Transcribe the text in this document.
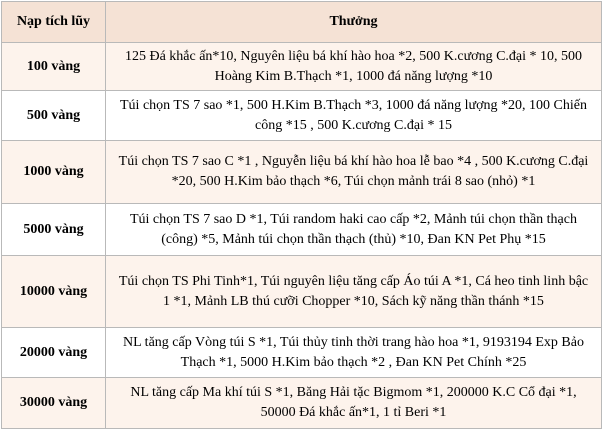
Nạp tích lũy	Thưởng
100 vàng	125 Đá khắc ấn*10, Nguyên liệu bá khí hào hoa *2, 500 K.cương C.đại * 10, 500 Hoàng Kim B.Thạch *1, 1000 đá năng lượng *10
500 vàng	Túi chọn TS 7 sao *1, 500 H.Kim B.Thạch *3, 1000 đá năng lượng *20, 100 Chiến công *15 , 500 K.cương C.đại * 15
1000 vàng	Túi chọn TS 7 sao C *1 , Nguyễn liệu bá khí hào hoa lễ bao *4 , 500 K.cương C.đại *20, 500 H.Kim bảo thạch *6, Túi chọn mảnh trái 8 sao (nhỏ) *1
5000 vàng	Túi chọn TS 7 sao D *1, Túi random haki cao cấp *2, Mảnh túi chọn thần thạch (công) *5, Mảnh túi chọn thần thạch (thủ) *10, Đan KN Pet Phụ *15
10000 vàng	Túi chọn TS Phi Tinh*1, Túi nguyên liệu tăng cấp Áo túi A *1, Cá heo tinh linh bậc 1 *1, Mảnh LB thú cưỡi Chopper *10, Sách kỹ năng thần thánh *15
20000 vàng	NL tăng cấp Vòng túi S *1, Túi thủy tinh thời trang hào hoa *1, 9193194 Exp Bảo Thạch *1, 5000 H.Kim bảo thạch *2 , Đan KN Pet Chính *25
30000 vàng	NL tăng cấp Ma khí túi S *1, Băng Hải tặc Bigmom *1, 200000 K.C Cổ đại *1, 50000 Đá khắc ấn*1, 1 tỉ Beri *1
